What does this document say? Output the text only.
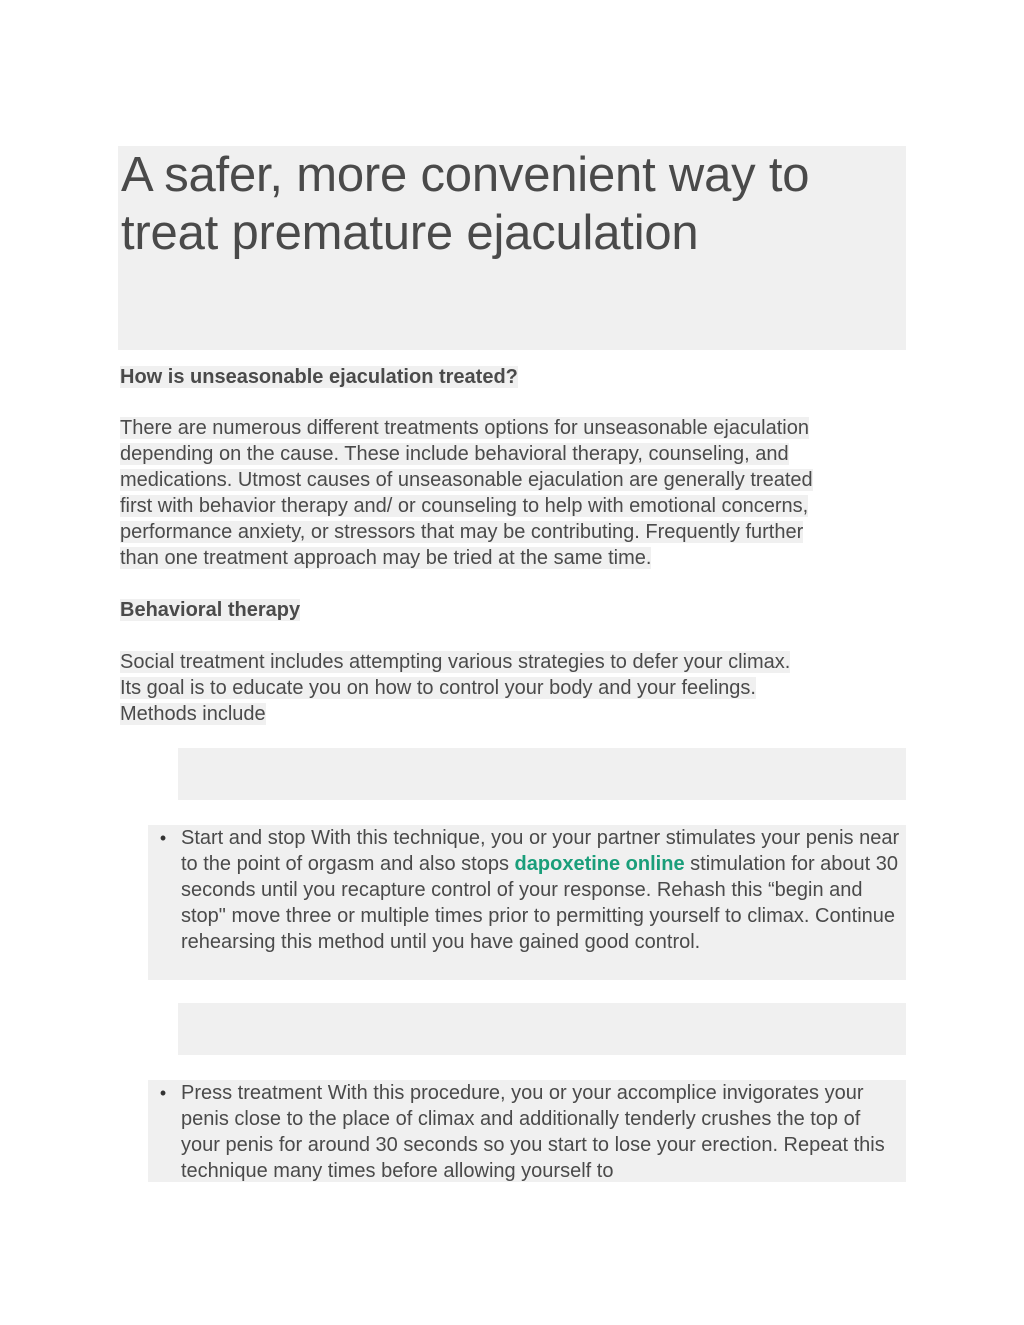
A safer, more convenient way to treat premature ejaculation
How is unseasonable ejaculation treated?
There are numerous different treatments options for unseasonable ejaculation
depending on the cause. These include behavioral therapy, counseling, and
medications. Utmost causes of unseasonable ejaculation are generally treated
first with behavior therapy and/ or counseling to help with emotional concerns,
performance anxiety, or stressors that may be contributing. Frequently further
than one treatment approach may be tried at the same time.
Behavioral therapy
Social treatment includes attempting various strategies to defer your climax.
Its goal is to educate you on how to control your body and your feelings.
Methods include
• Start and stop With this technique, you or your partner stimulates your penis near to the point of orgasm and also stops dapoxetine online stimulation for about 30 seconds until you recapture control of your response. Rehash this “begin and stop" move three or multiple times prior to permitting yourself to climax. Continue rehearsing this method until you have gained good control.
• Press treatment With this procedure, you or your accomplice invigorates your penis close to the place of climax and additionally tenderly crushes the top of your penis for around 30 seconds so you start to lose your erection. Repeat this technique many times before allowing yourself to
